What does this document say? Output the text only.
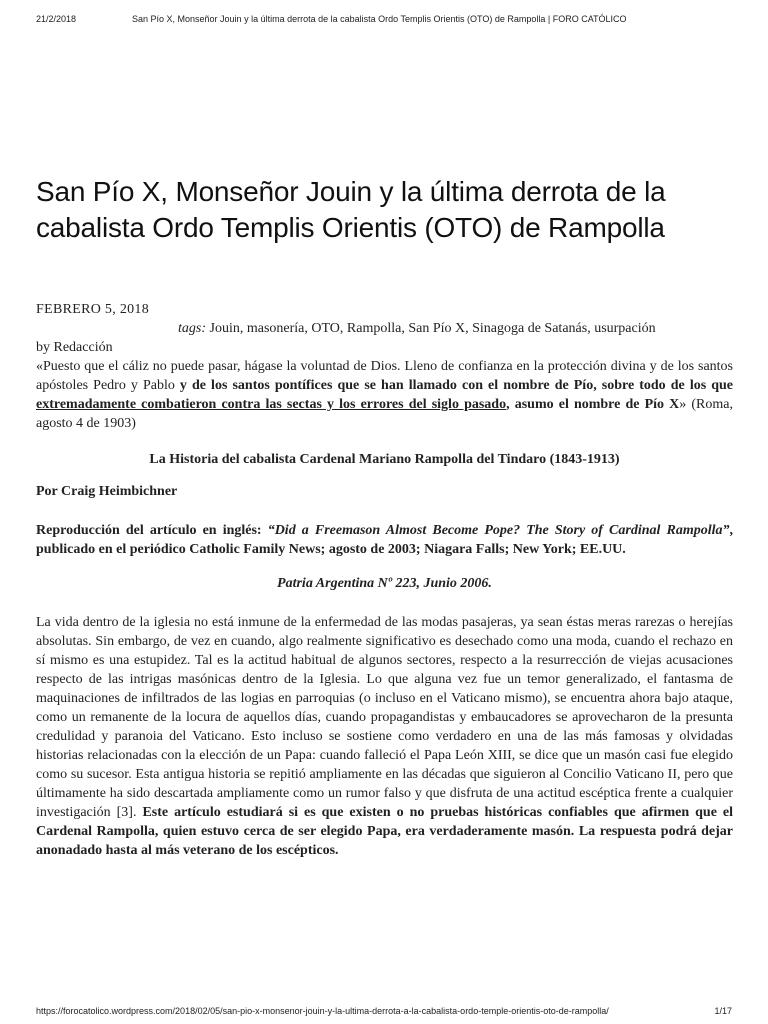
21/2/2018	San Pío X, Monseñor Jouin y la última derrota de la cabalista Ordo Templis Orientis (OTO) de Rampolla | FORO CATÓLICO
San Pío X, Monseñor Jouin y la última derrota de la cabalista Ordo Templis Orientis (OTO) de Rampolla
FEBRERO 5, 2018
tags: Jouin, masonería, OTO, Rampolla, San Pío X, Sinagoga de Satanás, usurpación
by Redacción

«Puesto que el cáliz no puede pasar, hágase la voluntad de Dios. Lleno de confianza en la protección divina y de los santos apóstoles Pedro y Pablo y de los santos pontífices que se han llamado con el nombre de Pío, sobre todo de los que extremadamente combatieron contra las sectas y los errores del siglo pasado, asumo el nombre de Pío X» (Roma, agosto 4 de 1903)

La Historia del cabalista Cardenal Mariano Rampolla del Tindaro (1843-1913)

Por Craig Heimbichner

Reproducción del artículo en inglés: “Did a Freemason Almost Become Pope? The Story of Cardinal Rampolla”, publicado en el periódico Catholic Family News; agosto de 2003; Niagara Falls; New York; EE.UU.

Patria Argentina Nº 223, Junio 2006.

La vida dentro de la iglesia no está inmune de la enfermedad de las modas pasajeras, ya sean éstas meras rarezas o herejías absolutas. Sin embargo, de vez en cuando, algo realmente significativo es desechado como una moda, cuando el rechazo en sí mismo es una estupidez. Tal es la actitud habitual de algunos sectores, respecto a la resurrección de viejas acusaciones respecto de las intrigas masónicas dentro de la Iglesia. Lo que alguna vez fue un temor generalizado, el fantasma de maquinaciones de infiltrados de las logias en parroquias (o incluso en el Vaticano mismo), se encuentra ahora bajo ataque, como un remanente de la locura de aquellos días, cuando propagandistas y embaucadores se aprovecharon de la presunta credulidad y paranoia del Vaticano. Esto incluso se sostiene como verdadero en una de las más famosas y olvidadas historias relacionadas con la elección de un Papa: cuando falleció el Papa León XIII, se dice que un masón casi fue elegido como su sucesor. Esta antigua historia se repitió ampliamente en las décadas que siguieron al Concilio Vaticano II, pero que últimamente ha sido descartada ampliamente como un rumor falso y que disfruta de una actitud escéptica frente a cualquier investigación [3]. Este artículo estudiará si es que existen o no pruebas históricas confiables que afirmen que el Cardenal Rampolla, quien estuvo cerca de ser elegido Papa, era verdaderamente masón. La respuesta podrá dejar anonadado hasta al más veterano de los escépticos.

https://forocatolico.wordpress.com/2018/02/05/san-pio-x-monsenor-jouin-y-la-ultima-derrota-a-la-cabalista-ordo-temple-orientis-oto-de-rampolla/	1/17
